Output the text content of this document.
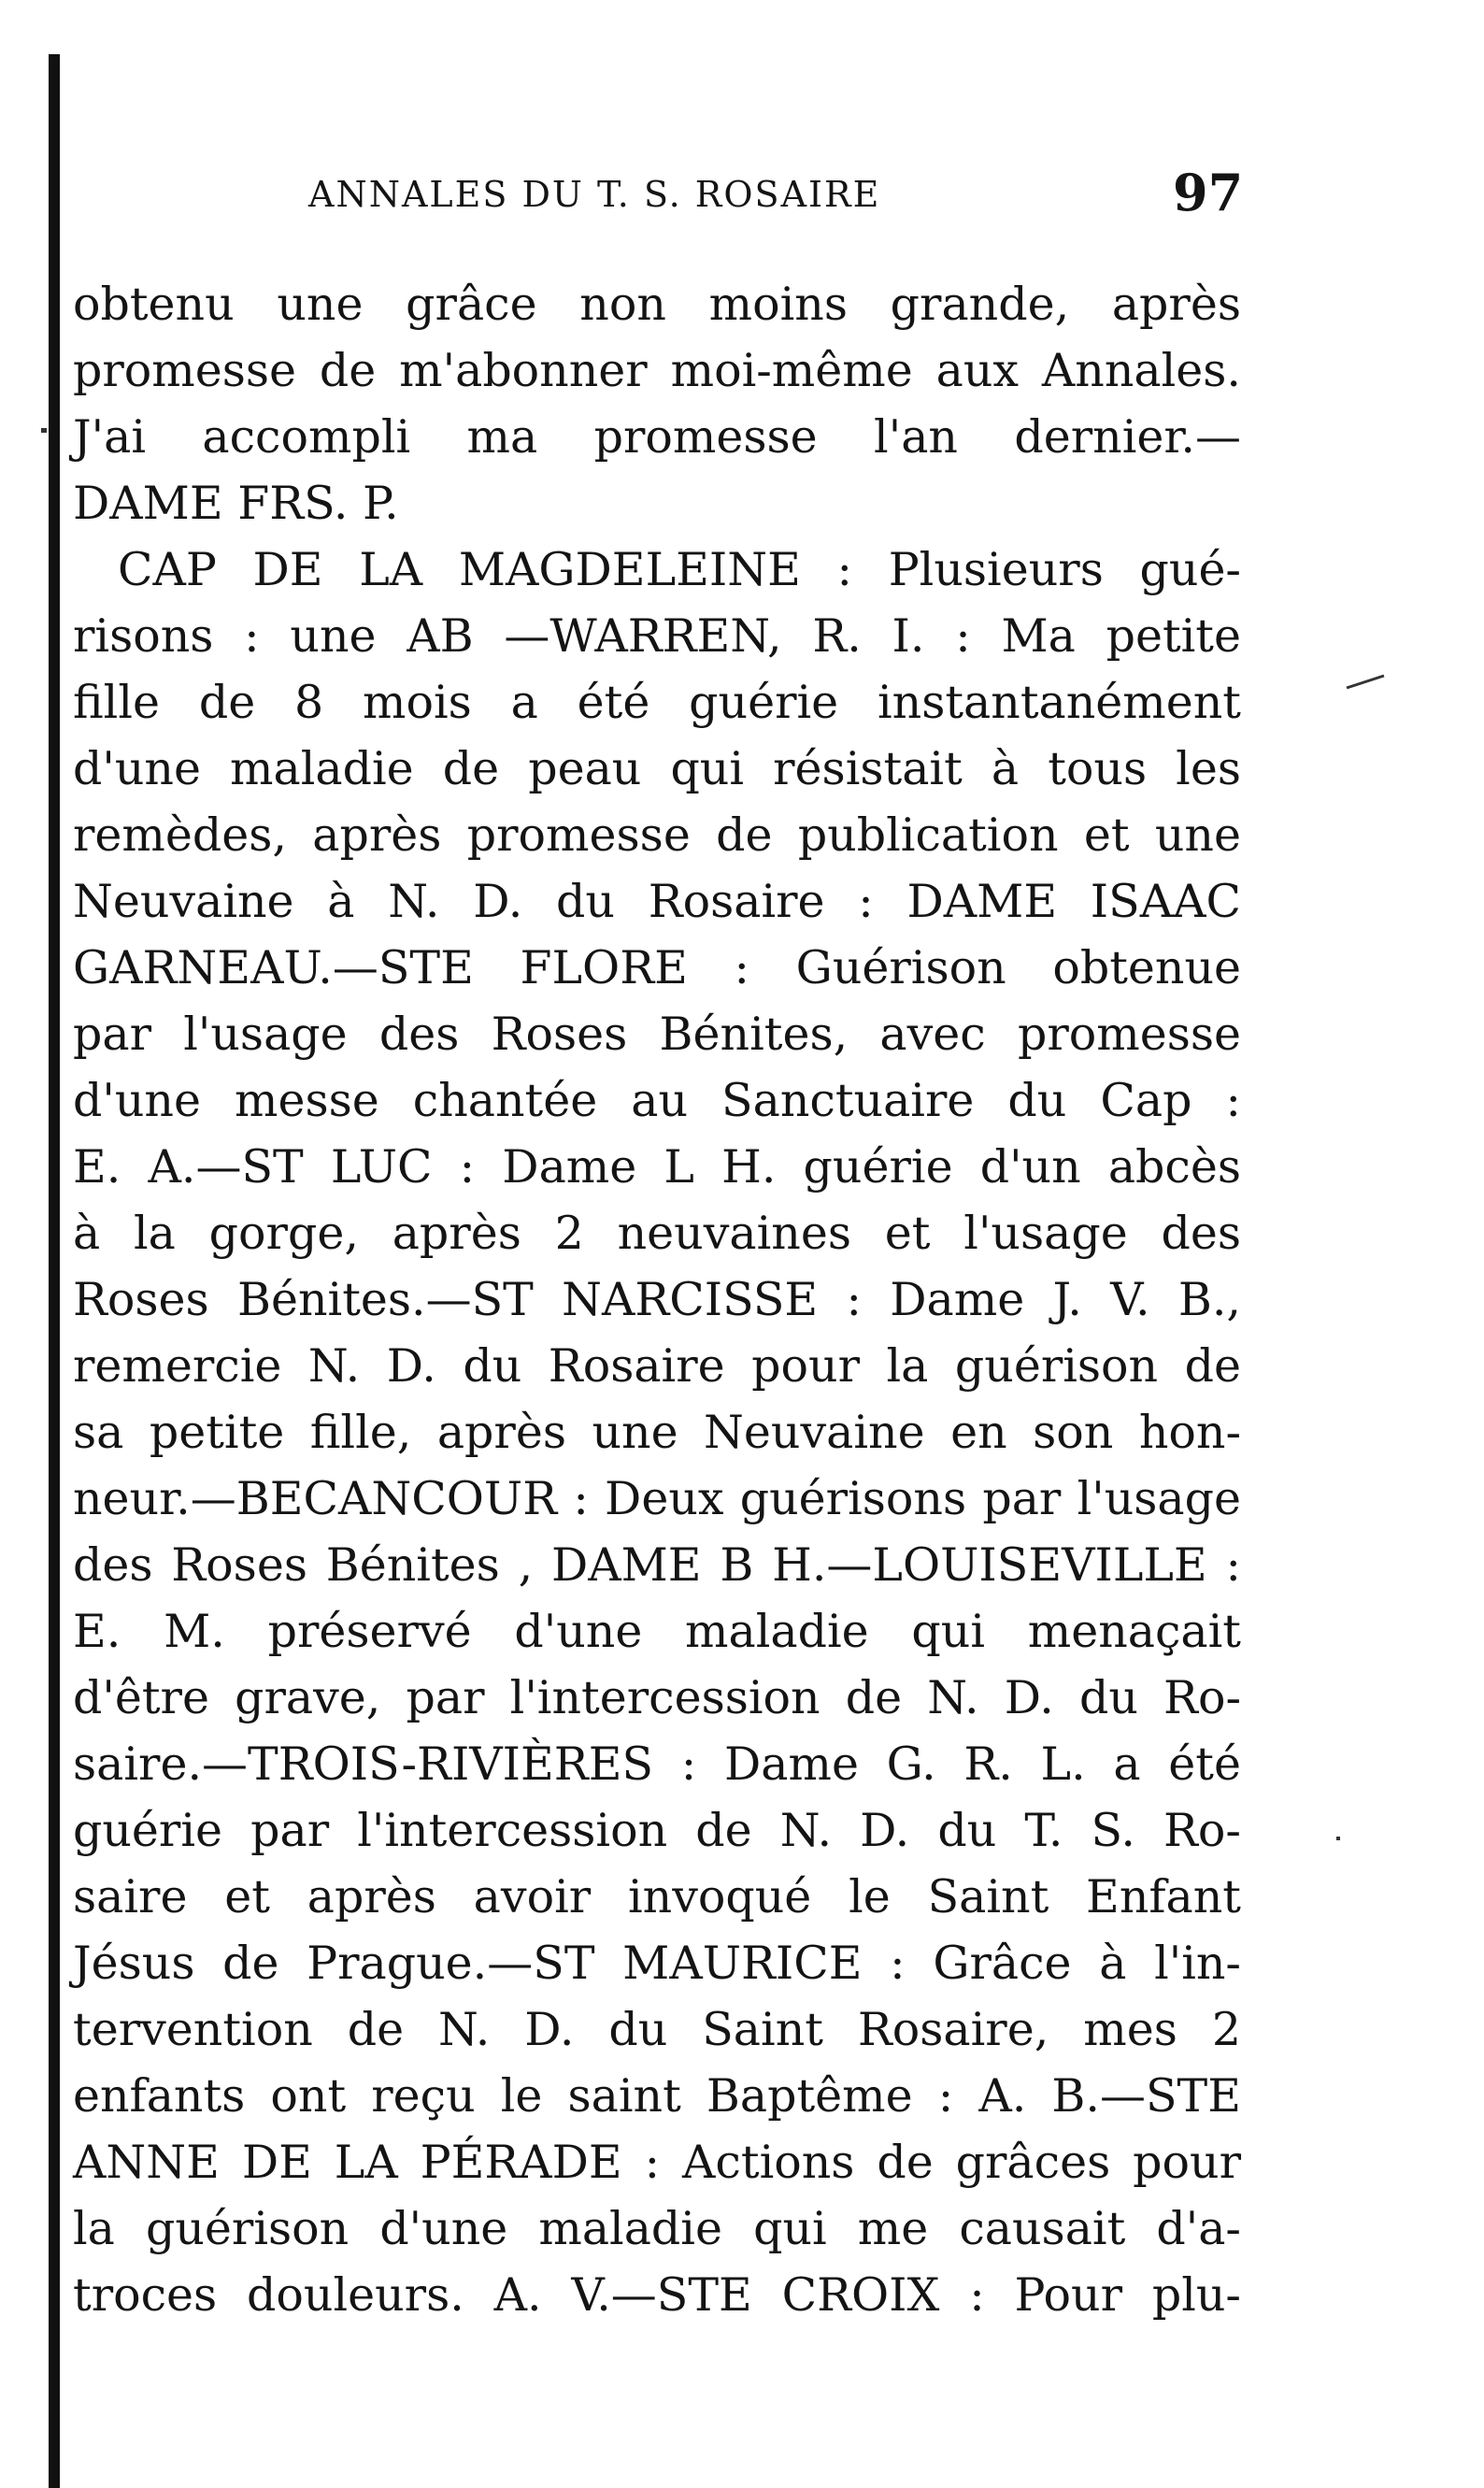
ANNALES DU T. S. ROSAIRE	97
obtenu une grâce non moins grande, après
promesse de m'abonner moi-même aux Annales.
J'ai accompli ma promesse l'an dernier.—
DAME FRS. P.
CAP DE LA MAGDELEINE : Plusieurs gué-
risons : une AB —WARREN, R. I. : Ma petite
fille de 8 mois a été guérie instantanément
d'une maladie de peau qui résistait à tous les
remèdes, après promesse de publication et une
Neuvaine à N. D. du Rosaire : DAME ISAAC
GARNEAU.—STE FLORE : Guérison obtenue
par l'usage des Roses Bénites, avec promesse
d'une messe chantée au Sanctuaire du Cap :
E. A.—ST LUC : Dame L H. guérie d'un abcès
à la gorge, après 2 neuvaines et l'usage des
Roses Bénites.—ST NARCISSE : Dame J. V. B.,
remercie N. D. du Rosaire pour la guérison de
sa petite fille, après une Neuvaine en son hon-
neur.—BECANCOUR : Deux guérisons par l'usage
des Roses Bénites , DAME B H.—LOUISEVILLE :
E. M. préservé d'une maladie qui menaçait
d'être grave, par l'intercession de N. D. du Ro-
saire.—TROIS-RIVIÈRES : Dame G. R. L. a été
guérie par l'intercession de N. D. du T. S. Ro-
saire et après avoir invoqué le Saint Enfant
Jésus de Prague.—ST MAURICE : Grâce à l'in-
tervention de N. D. du Saint Rosaire, mes 2
enfants ont reçu le saint Baptême : A. B.—STE
ANNE DE LA PÉRADE : Actions de grâces pour
la guérison d'une maladie qui me causait d'a-
troces douleurs. A. V.—STE CROIX : Pour plu-
